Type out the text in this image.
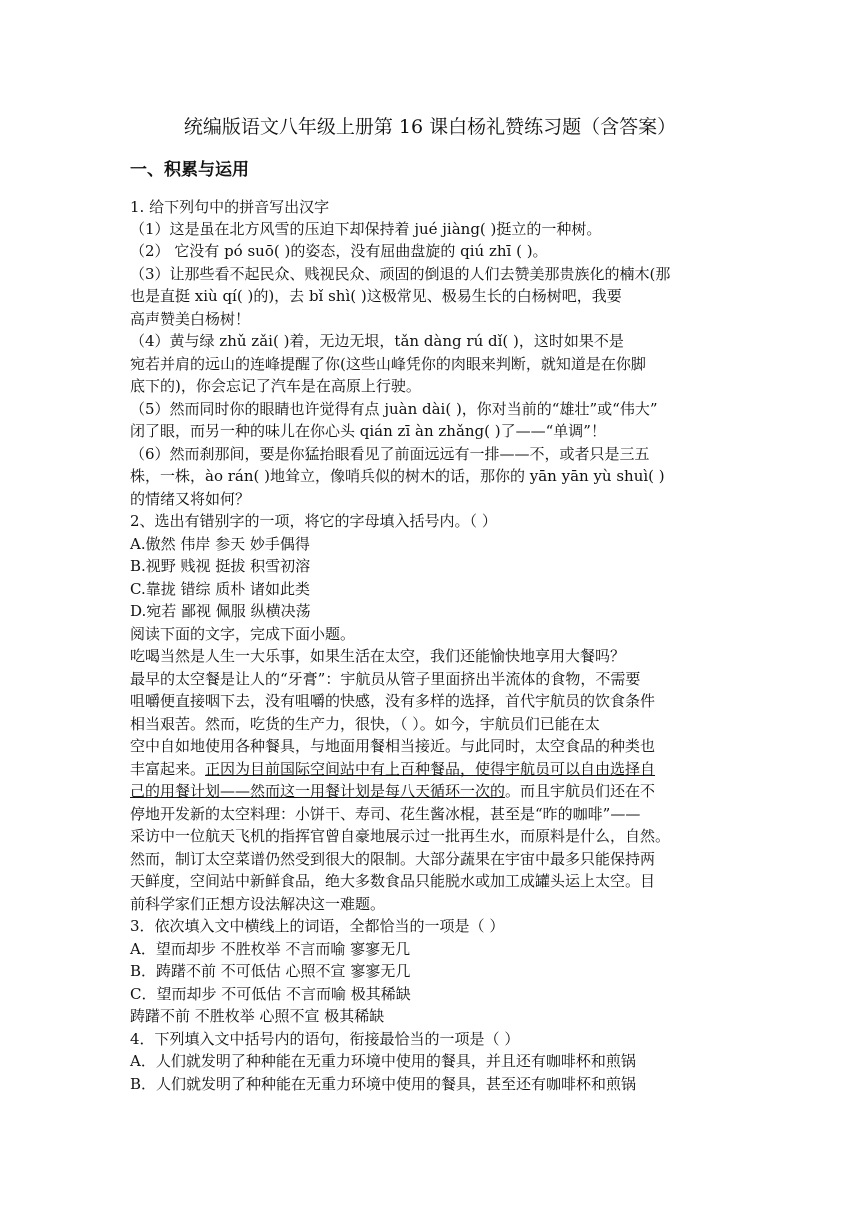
统编版语文八年级上册第 16 课白杨礼赞练习题（含答案）
一、积累与运用
1. 给下列句中的拼音写出汉字
（1）这是虽在北方风雪的压迫下却保持着 jué jiàng( )挺立的一种树。
（2） 它没有 pó suō( )的姿态，没有屈曲盘旋的 qiú zhī ( )。
（3）让那些看不起民众、贱视民众、顽固的倒退的人们去赞美那贵族化的楠木(那
也是直挺 xiù qí( )的)，去 bǐ shì( )这极常见、极易生长的白杨树吧，我要
高声赞美白杨树！
（4）黄与绿 zhǔ zǎi( )着，无边无垠，tǎn dàng rú dǐ( )，这时如果不是
宛若并肩的远山的连峰提醒了你(这些山峰凭你的肉眼来判断，就知道是在你脚
底下的)，你会忘记了汽车是在高原上行驶。
（5）然而同时你的眼睛也许觉得有点 juàn dài( )，你对当前的“雄壮”或“伟大”
闭了眼，而另一种的味儿在你心头 qián zī àn zhǎng( )了——“单调”！
（6）然而刹那间，要是你猛抬眼看见了前面远远有一排——不，或者只是三五
株，一株，ào rán( )地耸立，像哨兵似的树木的话，那你的 yān yān yù shuì( )
的情绪又将如何？
2、选出有错别字的一项，将它的字母填入括号内。（ ）
A.傲然 伟岸 参天 妙手偶得
B.视野 贱视 挺拔 积雪初溶
C.靠拢 错综 质朴 诸如此类
D.宛若 鄙视 佩服 纵横决荡
阅读下面的文字，完成下面小题。
吃喝当然是人生一大乐事，如果生活在太空，我们还能愉快地享用大餐吗？
最早的太空餐是让人的“牙膏”：宇航员从管子里面挤出半流体的食物，不需要
咀嚼便直接咽下去，没有咀嚼的快感，没有多样的选择，首代宇航员的饮食条件
相当艰苦。然而，吃货的生产力，很快，（ ）。如今，宇航员们已能在太
空中自如地使用各种餐具，与地面用餐相当接近。与此同时，太空食品的种类也
丰富起来。正因为目前国际空间站中有上百种餐品，使得宇航员可以自由选择自
己的用餐计划——然而这一用餐计划是每八天循环一次的。而且宇航员们还在不
停地开发新的太空料理：小饼干、寿司、花生酱冰棍，甚至是“昨的咖啡”——
采访中一位航天飞机的指挥官曾自豪地展示过一批再生水，而原料是什么，自然。
然而，制订太空菜谱仍然受到很大的限制。大部分蔬果在宇宙中最多只能保持两
天鲜度，空间站中新鲜食品，绝大多数食品只能脱水或加工成罐头运上太空。目
前科学家们正想方设法解决这一难题。
3．依次填入文中横线上的词语，全都恰当的一项是（ ）
A．望而却步 不胜枚举 不言而喻 寥寥无几
B．踌躇不前 不可低估 心照不宣 寥寥无几
C．望而却步 不可低估 不言而喻 极其稀缺
踌躇不前 不胜枚举 心照不宣 极其稀缺
4．下列填入文中括号内的语句，衔接最恰当的一项是（ ）
A．人们就发明了种种能在无重力环境中使用的餐具，并且还有咖啡杯和煎锅
B．人们就发明了种种能在无重力环境中使用的餐具，甚至还有咖啡杯和煎锅
